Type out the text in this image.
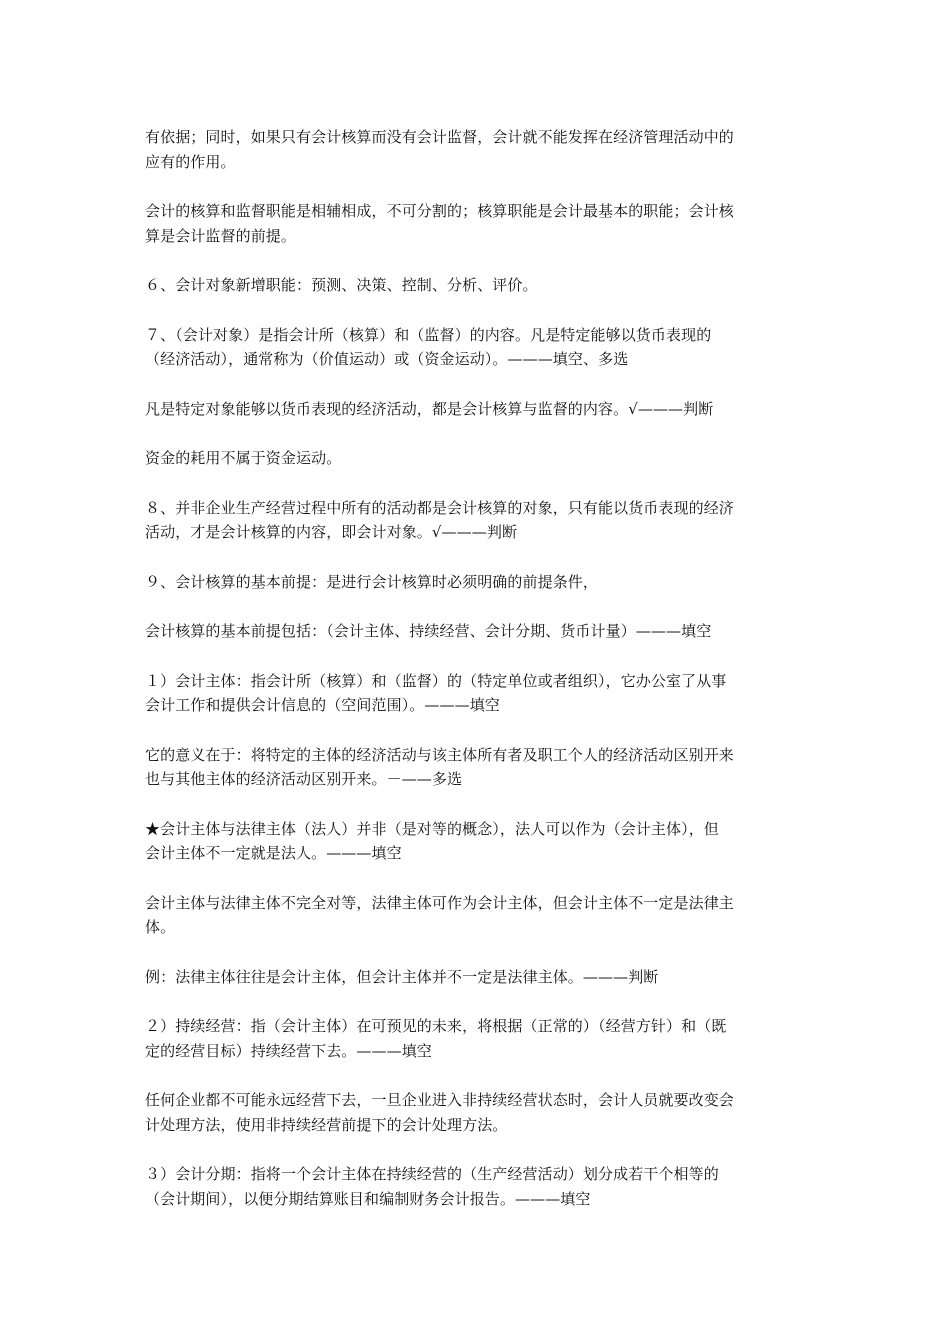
有依据；同时，如果只有会计核算而没有会计监督，会计就不能发挥在经济管理活动中的
应有的作用。

会计的核算和监督职能是相辅相成，不可分割的；核算职能是会计最基本的职能；会计核
算是会计监督的前提。

６、会计对象新增职能：预测、决策、控制、分析、评价。

７、（会计对象）是指会计所（核算）和（监督）的内容。凡是特定能够以货币表现的
（经济活动），通常称为（价值运动）或（资金运动）。———填空、多选

凡是特定对象能够以货币表现的经济活动，都是会计核算与监督的内容。√———判断

资金的耗用不属于资金运动。

８、并非企业生产经营过程中所有的活动都是会计核算的对象，只有能以货币表现的经济
活动，才是会计核算的内容，即会计对象。√———判断

９、会计核算的基本前提：是进行会计核算时必须明确的前提条件，

会计核算的基本前提包括：（会计主体、持续经营、会计分期、货币计量）———填空

１）会计主体：指会计所（核算）和（监督）的（特定单位或者组织），它办公室了从事
会计工作和提供会计信息的（空间范围）。———填空

它的意义在于：将特定的主体的经济活动与该主体所有者及职工个人的经济活动区别开来
也与其他主体的经济活动区别开来。－——多选

★会计主体与法律主体（法人）并非（是对等的概念），法人可以作为（会计主体），但
会计主体不一定就是法人。———填空

会计主体与法律主体不完全对等，法律主体可作为会计主体，但会计主体不一定是法律主
体。

例：法律主体往往是会计主体，但会计主体并不一定是法律主体。———判断

２）持续经营：指（会计主体）在可预见的未来，将根据（正常的）（经营方针）和（既
定的经营目标）持续经营下去。———填空

任何企业都不可能永远经营下去，一旦企业进入非持续经营状态时，会计人员就要改变会
计处理方法，使用非持续经营前提下的会计处理方法。

３）会计分期：指将一个会计主体在持续经营的（生产经营活动）划分成若干个相等的
（会计期间），以便分期结算账目和编制财务会计报告。———填空
